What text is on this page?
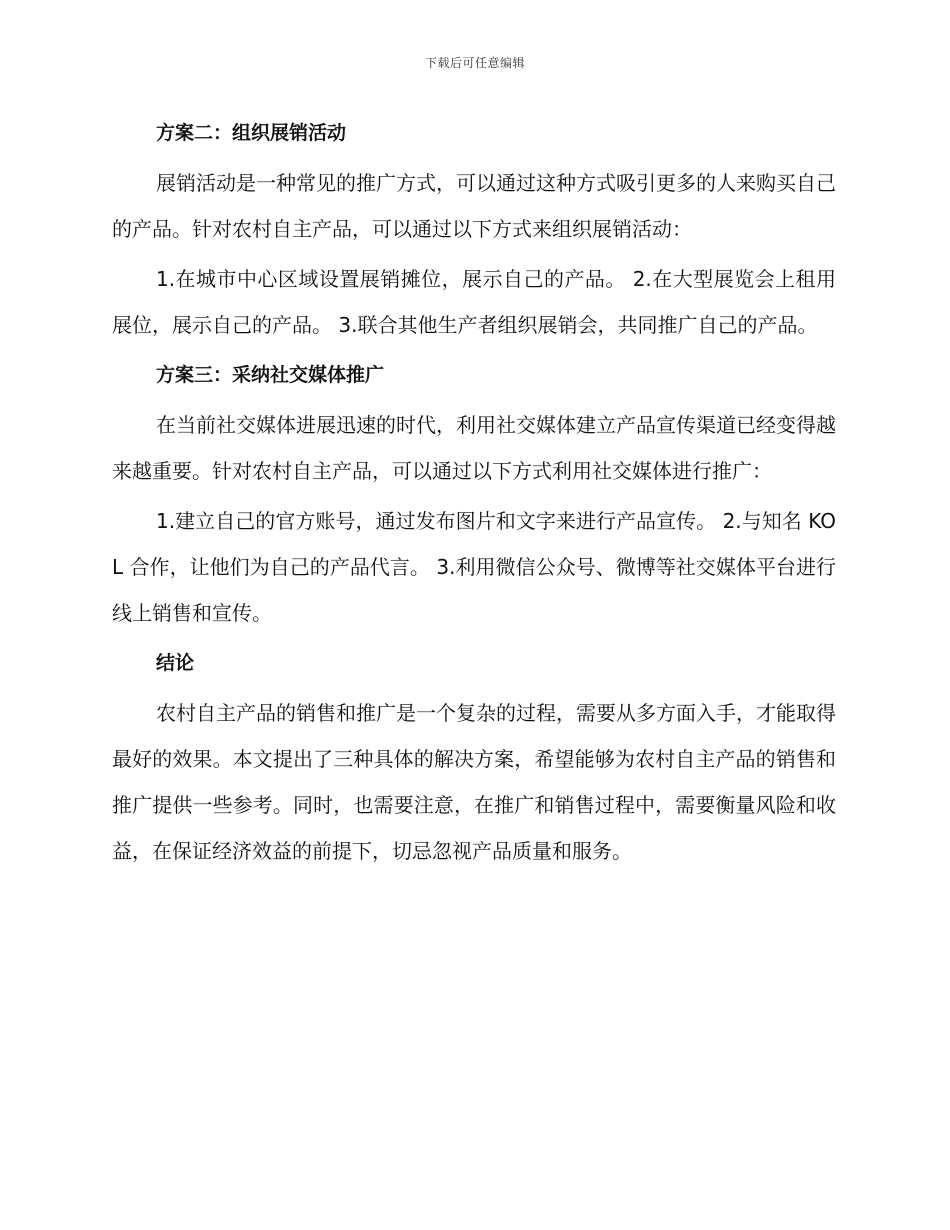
下载后可任意编辑
方案二：组织展销活动

展销活动是一种常见的推广方式，可以通过这种方式吸引更多的人来购买自己的产品。针对农村自主产品，可以通过以下方式来组织展销活动：

1.在城市中心区域设置展销摊位，展示自己的产品。 2.在大型展览会上租用展位，展示自己的产品。 3.联合其他生产者组织展销会，共同推广自己的产品。

方案三：采纳社交媒体推广

在当前社交媒体进展迅速的时代，利用社交媒体建立产品宣传渠道已经变得越来越重要。针对农村自主产品，可以通过以下方式利用社交媒体进行推广：

1.建立自己的官方账号，通过发布图片和文字来进行产品宣传。 2.与知名 KOL 合作，让他们为自己的产品代言。 3.利用微信公众号、微博等社交媒体平台进行线上销售和宣传。

结论

农村自主产品的销售和推广是一个复杂的过程，需要从多方面入手，才能取得最好的效果。本文提出了三种具体的解决方案，希望能够为农村自主产品的销售和推广提供一些参考。同时，也需要注意，在推广和销售过程中，需要衡量风险和收益，在保证经济效益的前提下，切忌忽视产品质量和服务。
